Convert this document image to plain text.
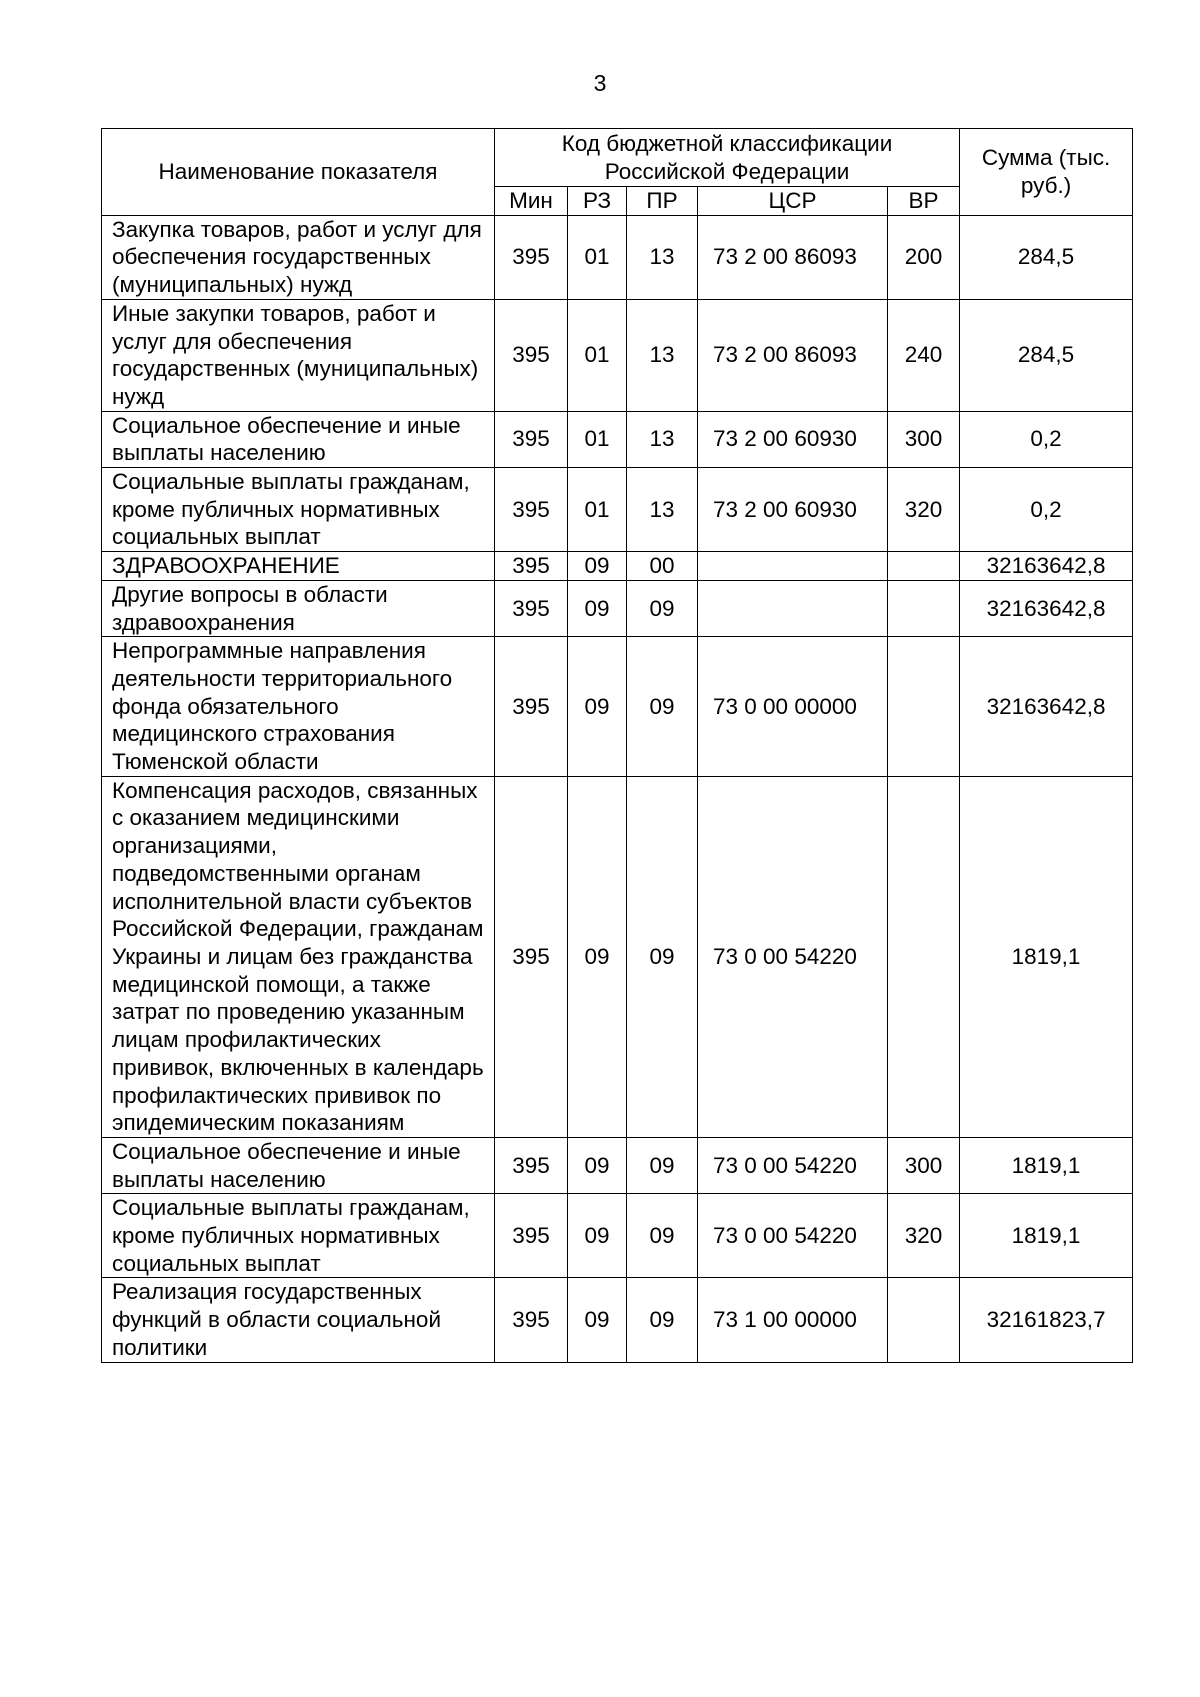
3
Наименование показателя	Код бюджетной классификации Российской Федерации					Сумма (тыс. руб.)
	Мин	РЗ	ПР	ЦСР	ВР	
Закупка товаров, работ и услуг для обеспечения государственных (муниципальных) нужд	395	01	13	73 2 00 86093	200	284,5
Иные закупки товаров, работ и услуг для обеспечения государственных (муниципальных) нужд	395	01	13	73 2 00 86093	240	284,5
Социальное обеспечение и иные выплаты населению	395	01	13	73 2 00 60930	300	0,2
Социальные выплаты гражданам, кроме публичных нормативных социальных выплат	395	01	13	73 2 00 60930	320	0,2
ЗДРАВООХРАНЕНИЕ	395	09	00			32163642,8
Другие вопросы в области здравоохранения	395	09	09			32163642,8
Непрограммные направления деятельности территориального фонда обязательного медицинского страхования Тюменской области	395	09	09	73 0 00 00000		32163642,8
Компенсация расходов, связанных с оказанием медицинскими организациями, подведомственными органам исполнительной власти субъектов Российской Федерации, гражданам Украины и лицам без гражданства медицинской помощи, а также затрат по проведению указанным лицам профилактических прививок, включенных в календарь профилактических прививок по эпидемическим показаниям	395	09	09	73 0 00 54220		1819,1
Социальное обеспечение и иные выплаты населению	395	09	09	73 0 00 54220	300	1819,1
Социальные выплаты гражданам, кроме публичных нормативных социальных выплат	395	09	09	73 0 00 54220	320	1819,1
Реализация государственных функций в области социальной политики	395	09	09	73 1 00 00000		32161823,7
